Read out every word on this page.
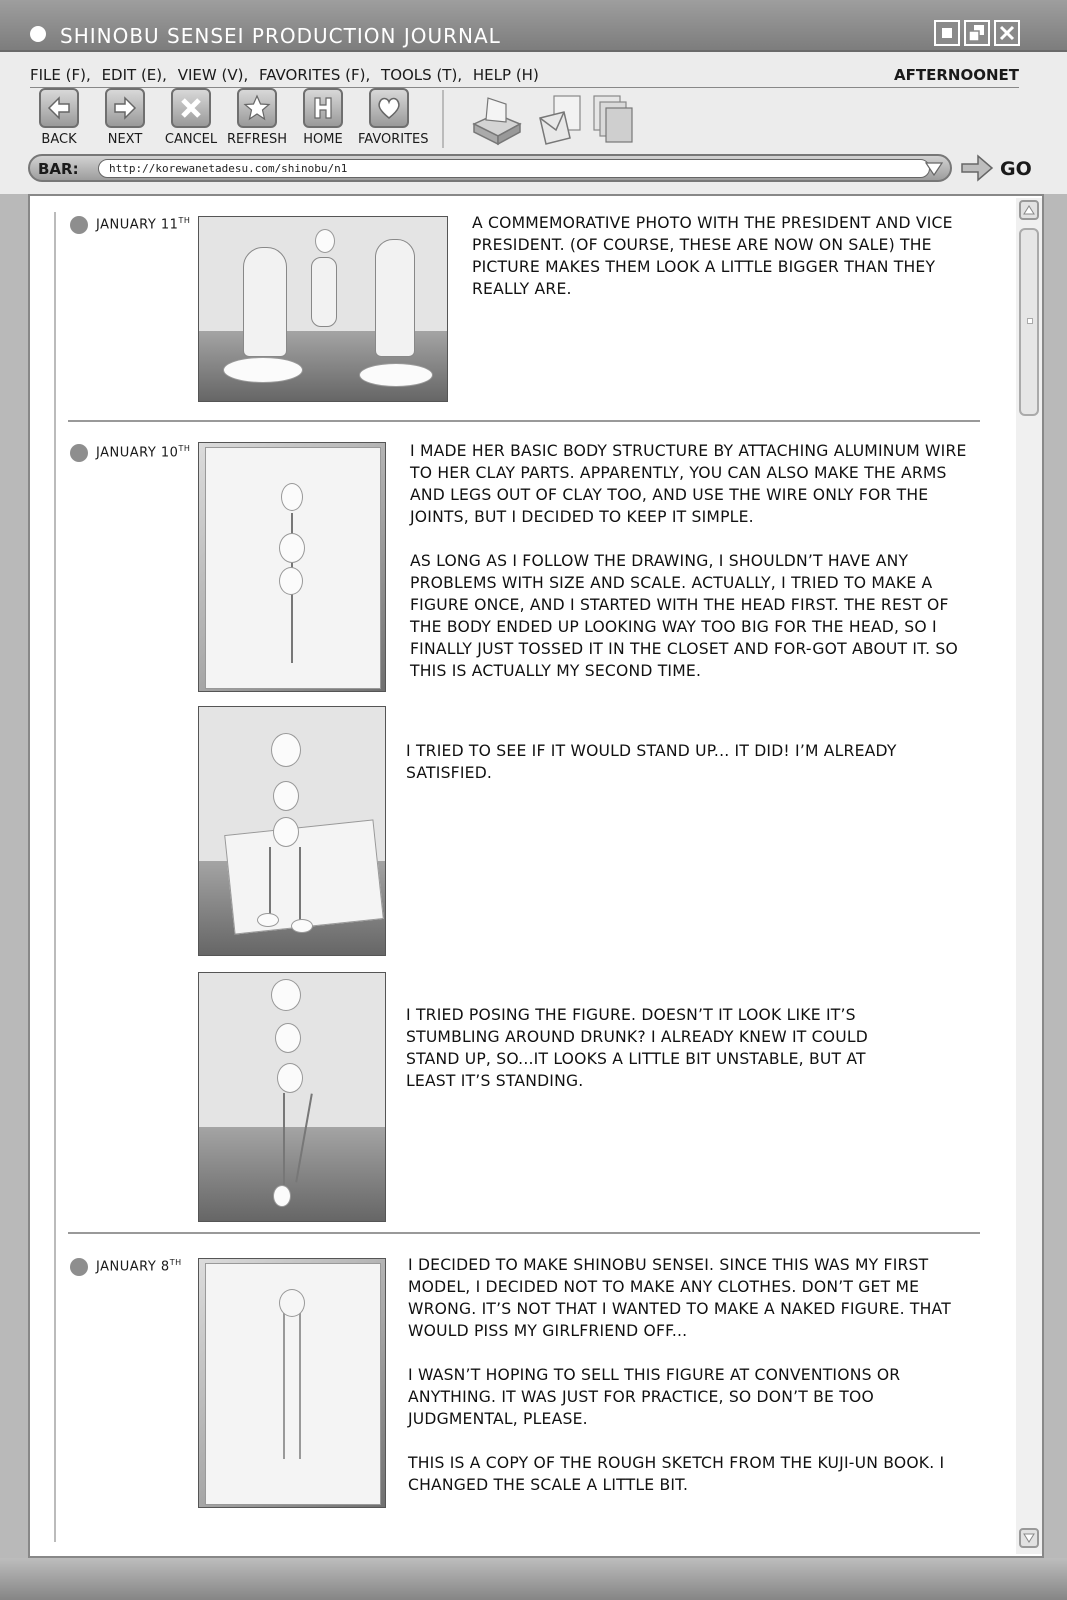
SHINOBU SENSEI PRODUCTION JOURNAL
FILE (F), EDIT (E), VIEW (V), FAVORITES (F), TOOLS (T), HELP (H)	AFTERNOONET
BACK	NEXT	CANCEL REFRESH	HOME	FAVORITES
BAR:	http://korewanetadesu.com/shinobu/n1	GO
JANUARY 11TH	A COMMEMORATIVE PHOTO WITH THE PRESIDENT AND VICE PRESIDENT. (OF COURSE, THESE ARE NOW ON SALE) THE PICTURE MAKES THEM LOOK A LITTLE BIGGER THAN THEY REALLY ARE.

JANUARY 10TH	I MADE HER BASIC BODY STRUCTURE BY ATTACHING ALUMINUM WIRE TO HER CLAY PARTS. APPARENTLY, YOU CAN ALSO MAKE THE ARMS AND LEGS OUT OF CLAY TOO, AND USE THE WIRE ONLY FOR THE JOINTS, BUT I DECIDED TO KEEP IT SIMPLE.

AS LONG AS I FOLLOW THE DRAWING, I SHOULDN’T HAVE ANY PROBLEMS WITH SIZE AND SCALE. ACTUALLY, I TRIED TO MAKE A FIGURE ONCE, AND I STARTED WITH THE HEAD FIRST. THE REST OF THE BODY ENDED UP LOOKING WAY TOO BIG FOR THE HEAD, SO I FINALLY JUST TOSSED IT IN THE CLOSET AND FOR-GOT ABOUT IT. SO THIS IS ACTUALLY MY SECOND TIME.

I TRIED TO SEE IF IT WOULD STAND UP... IT DID! I’M ALREADY SATISFIED.

I TRIED POSING THE FIGURE. DOESN’T IT LOOK LIKE IT’S STUMBLING AROUND DRUNK? I ALREADY KNEW IT COULD STAND UP, SO...IT LOOKS A LITTLE BIT UNSTABLE, BUT AT LEAST IT’S STANDING.

JANUARY 8TH	I DECIDED TO MAKE SHINOBU SENSEI. SINCE THIS WAS MY FIRST MODEL, I DECIDED NOT TO MAKE ANY CLOTHES. DON’T GET ME WRONG. IT’S NOT THAT I WANTED TO MAKE A NAKED FIGURE. THAT WOULD PISS MY GIRLFRIEND OFF...

I WASN’T HOPING TO SELL THIS FIGURE AT CONVENTIONS OR ANYTHING. IT WAS JUST FOR PRACTICE, SO DON’T BE TOO JUDGMENTAL, PLEASE.

THIS IS A COPY OF THE ROUGH SKETCH FROM THE KUJI-UN BOOK. I CHANGED THE SCALE A LITTLE BIT.
